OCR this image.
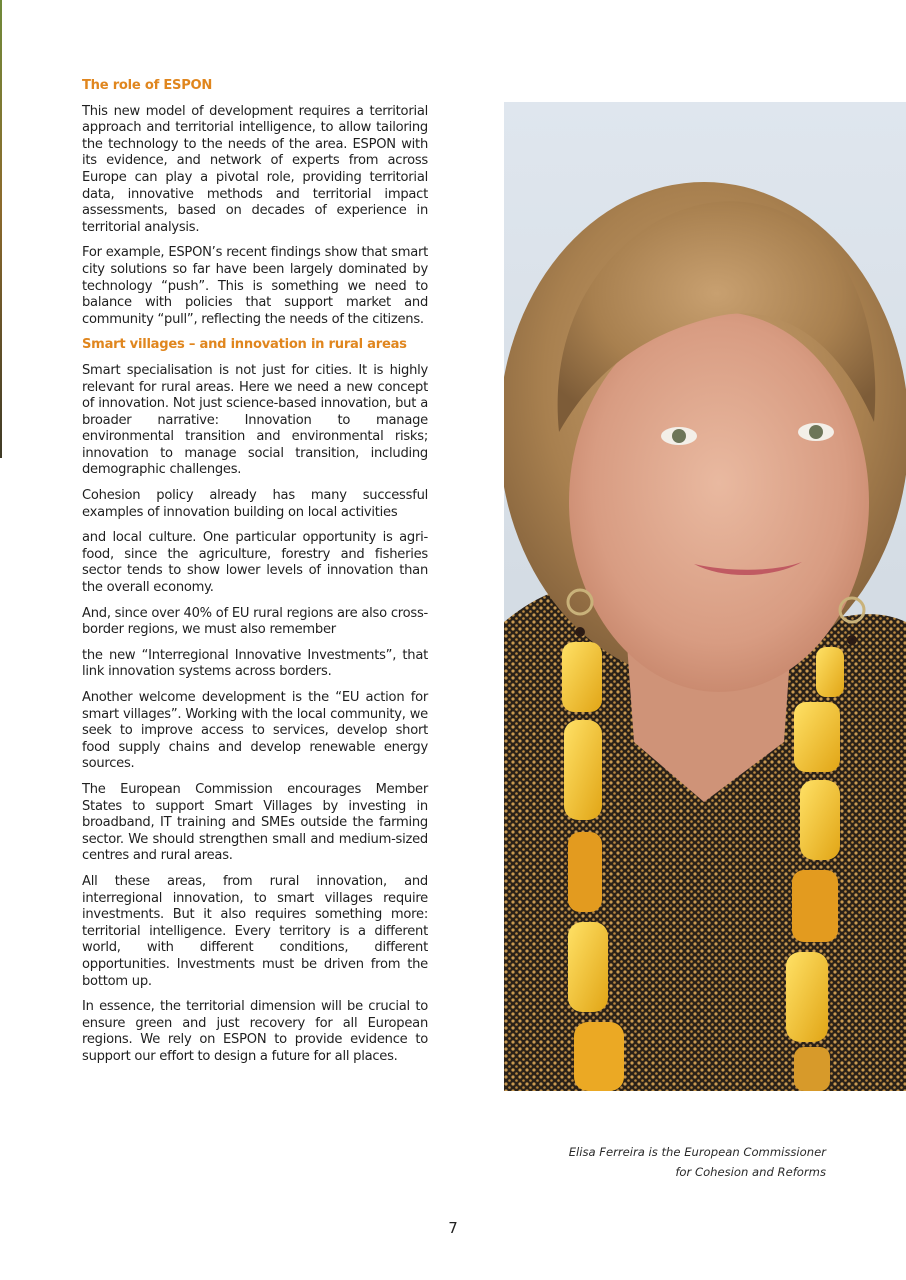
The role of ESPON

This new model of development requires a territorial approach and territorial intelligence, to allow tailoring the technology to the needs of the area. ESPON with its evidence, and network of experts from across Europe can play a pivotal role, providing territorial data, innovative methods and territorial impact assessments, based on decades of experience in territorial analysis.

For example, ESPON’s recent findings show that smart city solutions so far have been largely dominated by technology “push”. This is something we need to balance with policies that support market and community “pull”, reflecting the needs of the citizens.

Smart villages – and innovation in rural areas

Smart specialisation is not just for cities. It is highly relevant for rural areas. Here we need a new concept of innovation. Not just science-based innovation, but a broader narrative: Innovation to manage environmental transition and environmental risks; innovation to manage social transition, including demographic challenges.

Cohesion policy already has many successful examples of innovation building on local activities

and local culture. One particular opportunity is agri-food, since the agriculture, forestry and fisheries sector tends to show lower levels of innovation than the overall economy.

And, since over 40% of EU rural regions are also cross-border regions, we must also remember

the new “Interregional Innovative Investments”, that link innovation systems across borders.

Another welcome development is the “EU action for smart villages”. Working with the local community, we seek to improve access to services, develop short food supply chains and develop renewable energy sources.

The European Commission encourages Member States to support Smart Villages by investing in broadband, IT training and SMEs outside the farming sector. We should strengthen small and medium-sized centres and rural areas.

All these areas, from rural innovation, and interregional innovation, to smart villages require investments. But it also requires something more: territorial intelligence. Every territory is a different world, with different conditions, different opportunities. Investments must be driven from the bottom up.

In essence, the territorial dimension will be crucial to ensure green and just recovery for all European regions. We rely on ESPON to provide evidence to support our effort to design a future for all places.

Elisa Ferreira is the European Commissioner
for Cohesion and Reforms
7
